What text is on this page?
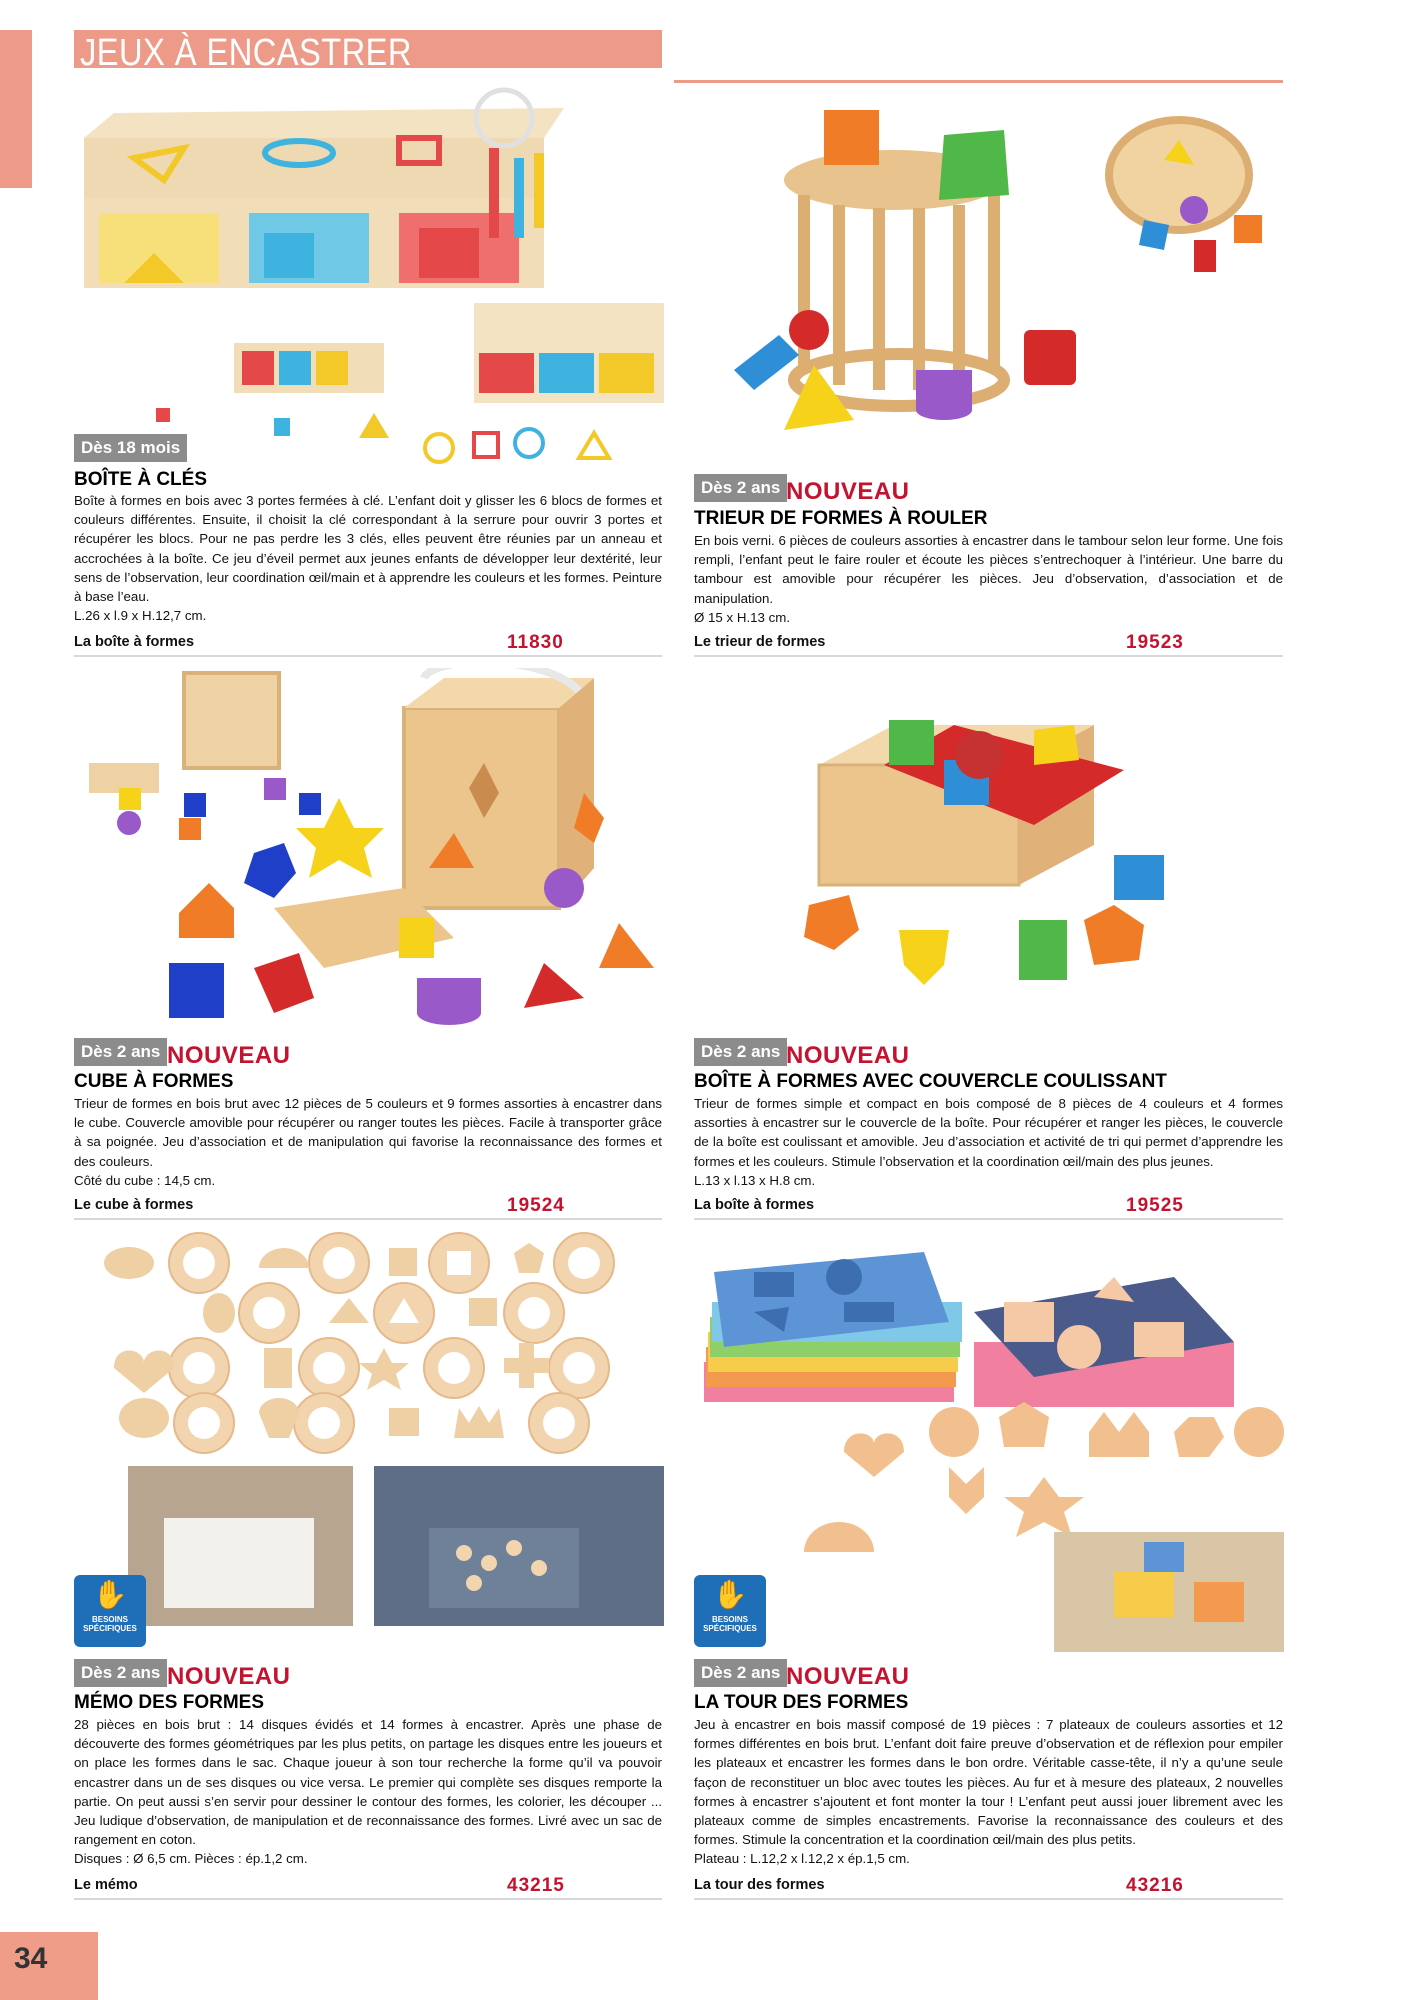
JEUX À ENCASTRER
Dès 18 mois
BOÎTE À CLÉS

Boîte à formes en bois avec 3 portes fermées à clé. L’enfant doit y glisser les 6 blocs de formes et couleurs différentes. Ensuite, il choisit la clé correspondant à la serrure pour ouvrir 3 portes et récupérer les blocs. Pour ne pas perdre les 3 clés, elles peuvent être réunies par un anneau et accrochées à la boîte. Ce jeu d’éveil permet aux jeunes enfants de développer leur dextérité, leur sens de l’observation, leur coordination œil/main et à apprendre les couleurs et les formes. Peinture à base l’eau.

L.26 x l.9 x H.12,7 cm.

La boîte à formes	11830
Dès 2 ans NOUVEAU
TRIEUR DE FORMES À ROULER

En bois verni. 6 pièces de couleurs assorties à encastrer dans le tambour selon leur forme. Une fois rempli, l’enfant peut le faire rouler et écoute les pièces s’entrechoquer à l’intérieur. Une barre du tambour est amovible pour récupérer les pièces. Jeu d’observation, d’association et de manipulation.

Ø 15 x H.13 cm.

Le trieur de formes	19523
Dès 2 ans NOUVEAU
CUBE À FORMES

Trieur de formes en bois brut avec 12 pièces de 5 couleurs et 9 formes assorties à encastrer dans le cube. Couvercle amovible pour récupérer ou ranger toutes les pièces. Facile à transporter grâce à sa poignée. Jeu d’association et de manipulation qui favorise la reconnaissance des formes et des couleurs.

Côté du cube : 14,5 cm.

Le cube à formes	19524
Dès 2 ans NOUVEAU
BOÎTE À FORMES AVEC COUVERCLE COULISSANT

Trieur de formes simple et compact en bois composé de 8 pièces de 4 couleurs et 4 formes assorties à encastrer sur le couvercle de la boîte. Pour récupérer et ranger les pièces, le couvercle de la boîte est coulissant et amovible. Jeu d’association et activité de tri qui permet d’apprendre les formes et les couleurs. Stimule l’observation et la coordination œil/main des plus jeunes.

L.13 x l.13 x H.8 cm.

La boîte à formes	19525
✋
BESOINS
SPÉCIFIQUES
Dès 2 ans NOUVEAU
MÉMO DES FORMES

28 pièces en bois brut : 14 disques évidés et 14 formes à encastrer. Après une phase de découverte des formes géométriques par les plus petits, on partage les disques entre les joueurs et on place les formes dans le sac. Chaque joueur à son tour recherche la forme qu’il va pouvoir encastrer dans un de ses disques ou vice versa. Le premier qui complète ses disques remporte la partie. On peut aussi s’en servir pour dessiner le contour des formes, les colorier, les découper ... Jeu ludique d’observation, de manipulation et de reconnaissance des formes. Livré avec un sac de rangement en coton.

Disques : Ø 6,5 cm. Pièces : ép.1,2 cm.

Le mémo	43215
✋
BESOINS
SPÉCIFIQUES
Dès 2 ans NOUVEAU
LA TOUR DES FORMES

Jeu à encastrer en bois massif composé de 19 pièces : 7 plateaux de couleurs assorties et 12 formes différentes en bois brut. L’enfant doit faire preuve d’observation et de réflexion pour empiler les plateaux et encastrer les formes dans le bon ordre. Véritable casse-tête, il n’y a qu’une seule façon de reconstituer un bloc avec toutes les pièces. Au fur et à mesure des plateaux, 2 nouvelles formes à encastrer s’ajoutent et font monter la tour ! L’enfant peut aussi jouer librement avec les plateaux comme de simples encastrements. Favorise la reconnaissance des couleurs et des formes. Stimule la concentration et la coordination œil/main des plus petits.

Plateau : L.12,2 x l.12,2 x ép.1,5 cm.

La tour des formes	43216
34
